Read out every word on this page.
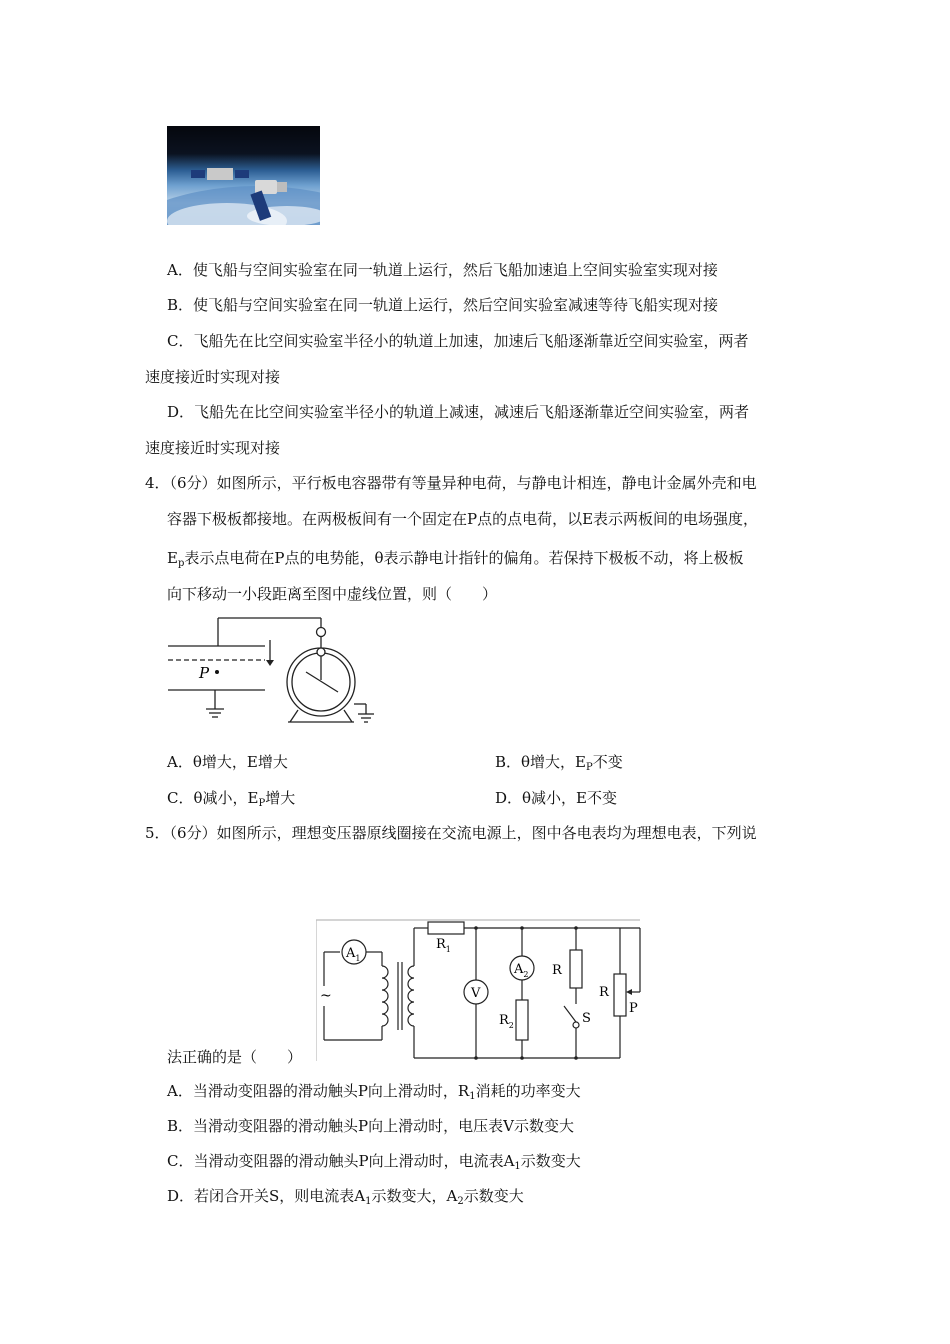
A．使飞船与空间实验室在同一轨道上运行，然后飞船加速追上空间实验室实现对接
B．使飞船与空间实验室在同一轨道上运行，然后空间实验室减速等待飞船实现对接
C．飞船先在比空间实验室半径小的轨道上加速，加速后飞船逐渐靠近空间实验室，两者
速度接近时实现对接
D．飞船先在比空间实验室半径小的轨道上减速，减速后飞船逐渐靠近空间实验室，两者
速度接近时实现对接
4．（6分）如图所示，平行板电容器带有等量异种电荷，与静电计相连，静电计金属外壳和电
容器下极板都接地。在两极板间有一个固定在P点的点电荷，以E表示两板间的电场强度，
$E_p$表示点电荷在P点的电势能，θ表示静电计指针的偏角。若保持下极板不动，将上极板
向下移动一小段距离至图中虚线位置，则（　　）
P
A．θ增大，E增大	B．θ增大，$E_P$不变
C．θ减小，$E_P$增大	D．θ减小，E不变
5．（6分）如图所示，理想变压器原线圈接在交流电源上，图中各电表均为理想电表，下列说
法正确的是（　　）
~
$A_1$
$R_1$
V
$A_2$
$R_2$
R
S
R
P
A．当滑动变阻器的滑动触头P向上滑动时，$R_1$消耗的功率变大
B．当滑动变阻器的滑动触头P向上滑动时，电压表V示数变大
C．当滑动变阻器的滑动触头P向上滑动时，电流表$A_1$示数变大
D．若闭合开关S，则电流表$A_1$示数变大，$A_2$示数变大
